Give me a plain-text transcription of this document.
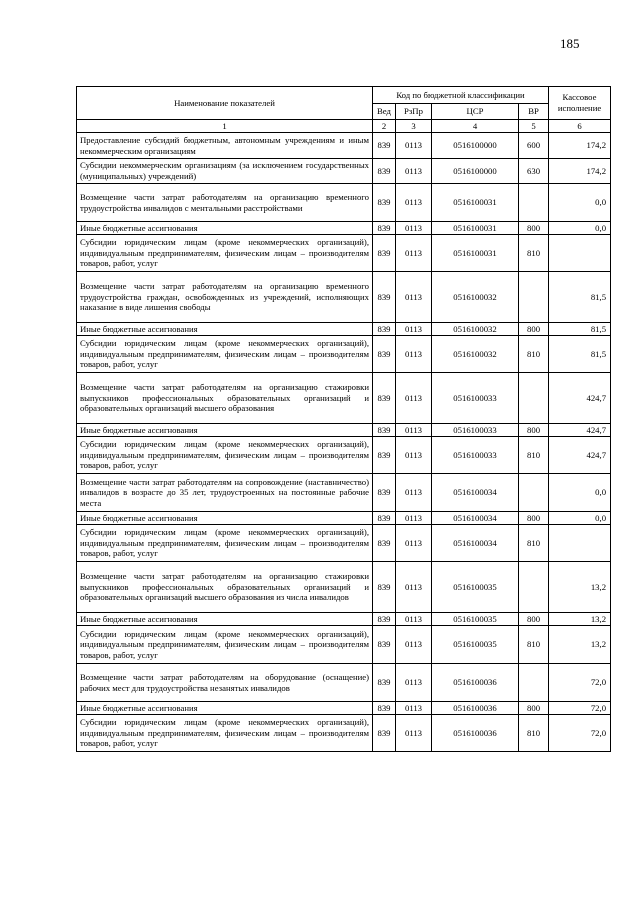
185
Наименование показателей	Код по бюджетной классификации				Кассовое исполнение
	Вед	РзПр	ЦСР	ВР	
1	2	3	4	5	6
Предоставление субсидий бюджетным, автономным учреждениям и иным некоммерческим организациям	839	0113	0516100000	600	174,2
Субсидии некоммерческим организациям (за исключением государственных (муниципальных) учреждений)	839	0113	0516100000	630	174,2
Возмещение части затрат работодателям на организацию временного трудоустройства инвалидов с ментальными расстройствами	839	0113	0516100031		0,0
Иные бюджетные ассигнования	839	0113	0516100031	800	0,0
Субсидии юридическим лицам (кроме некоммерческих организаций), индивидуальным предпринимателям, физическим лицам – производителям товаров, работ, услуг	839	0113	0516100031	810	
Возмещение части затрат работодателям на организацию временного трудоустройства граждан, освобожденных из учреждений, исполняющих наказание в виде лишения свободы	839	0113	0516100032		81,5
Иные бюджетные ассигнования	839	0113	0516100032	800	81,5
Субсидии юридическим лицам (кроме некоммерческих организаций), индивидуальным предпринимателям, физическим лицам – производителям товаров, работ, услуг	839	0113	0516100032	810	81,5
Возмещение части затрат работодателям на организацию стажировки выпускников профессиональных образовательных организаций и образовательных организаций высшего образования	839	0113	0516100033		424,7
Иные бюджетные ассигнования	839	0113	0516100033	800	424,7
Субсидии юридическим лицам (кроме некоммерческих организаций), индивидуальным предпринимателям, физическим лицам – производителям товаров, работ, услуг	839	0113	0516100033	810	424,7
Возмещение части затрат работодателям на сопровождение (наставничество) инвалидов в возрасте до 35 лет, трудоустроенных на постоянные рабочие места	839	0113	0516100034		0,0
Иные бюджетные ассигнования	839	0113	0516100034	800	0,0
Субсидии юридическим лицам (кроме некоммерческих организаций), индивидуальным предпринимателям, физическим лицам – производителям товаров, работ, услуг	839	0113	0516100034	810	
Возмещение части затрат работодателям на организацию стажировки выпускников профессиональных образовательных организаций и образовательных организаций высшего образования из числа инвалидов	839	0113	0516100035		13,2
Иные бюджетные ассигнования	839	0113	0516100035	800	13,2
Субсидии юридическим лицам (кроме некоммерческих организаций), индивидуальным предпринимателям, физическим лицам – производителям товаров, работ, услуг	839	0113	0516100035	810	13,2
Возмещение части затрат работодателям на оборудование (оснащение) рабочих мест для трудоустройства незанятых инвалидов	839	0113	0516100036		72,0
Иные бюджетные ассигнования	839	0113	0516100036	800	72,0
Субсидии юридическим лицам (кроме некоммерческих организаций), индивидуальным предпринимателям, физическим лицам – производителям товаров, работ, услуг	839	0113	0516100036	810	72,0
